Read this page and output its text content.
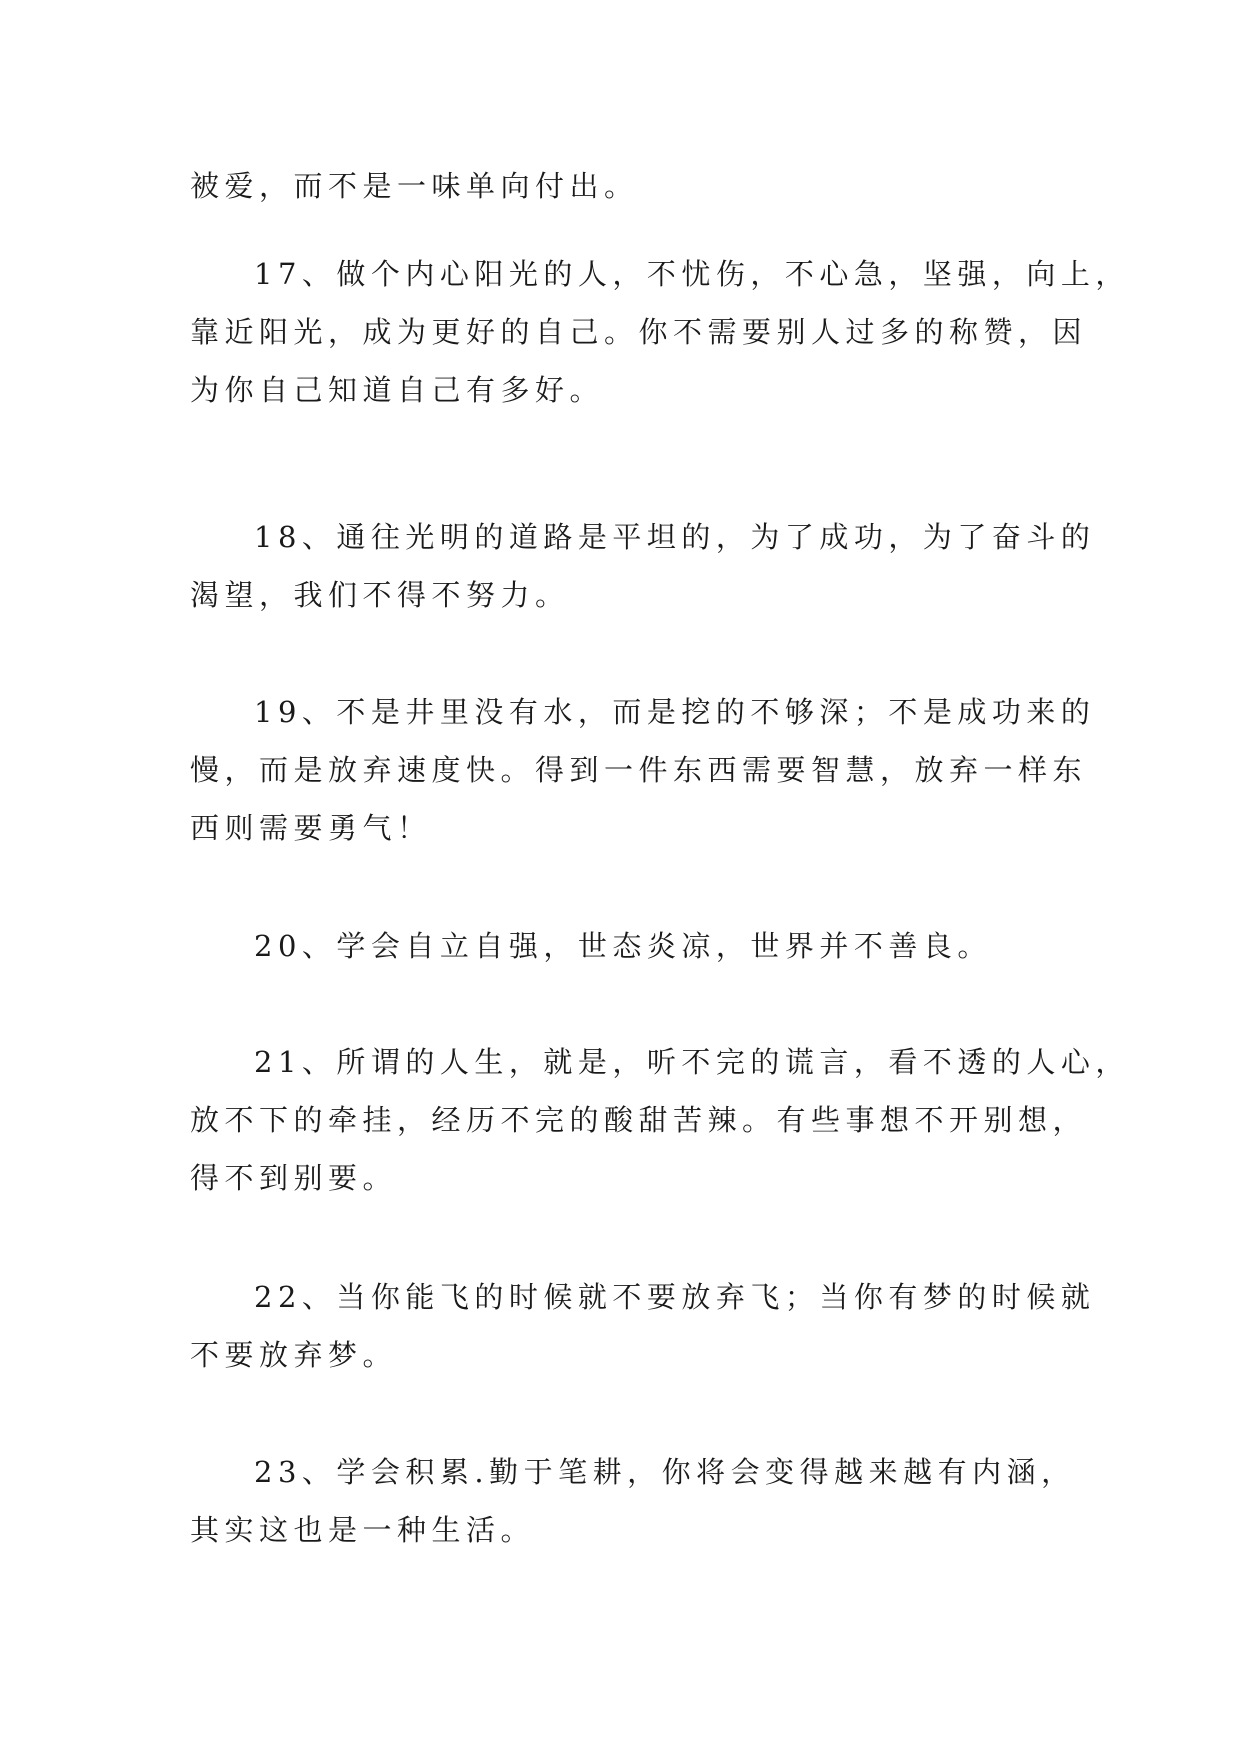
被爱，而不是一味单向付出。
17、做个内心阳光的人，不忧伤，不心急，坚强，向上，
靠近阳光，成为更好的自己。你不需要别人过多的称赞，因
为你自己知道自己有多好。
18、通往光明的道路是平坦的，为了成功，为了奋斗的
渴望，我们不得不努力。
19、不是井里没有水，而是挖的不够深；不是成功来的
慢，而是放弃速度快。得到一件东西需要智慧，放弃一样东
西则需要勇气！
20、学会自立自强，世态炎凉，世界并不善良。
21、所谓的人生，就是，听不完的谎言，看不透的人心，
放不下的牵挂，经历不完的酸甜苦辣。有些事想不开别想，
得不到别要。
22、当你能飞的时候就不要放弃飞；当你有梦的时候就
不要放弃梦。
23、学会积累.勤于笔耕，你将会变得越来越有内涵，
其实这也是一种生活。
